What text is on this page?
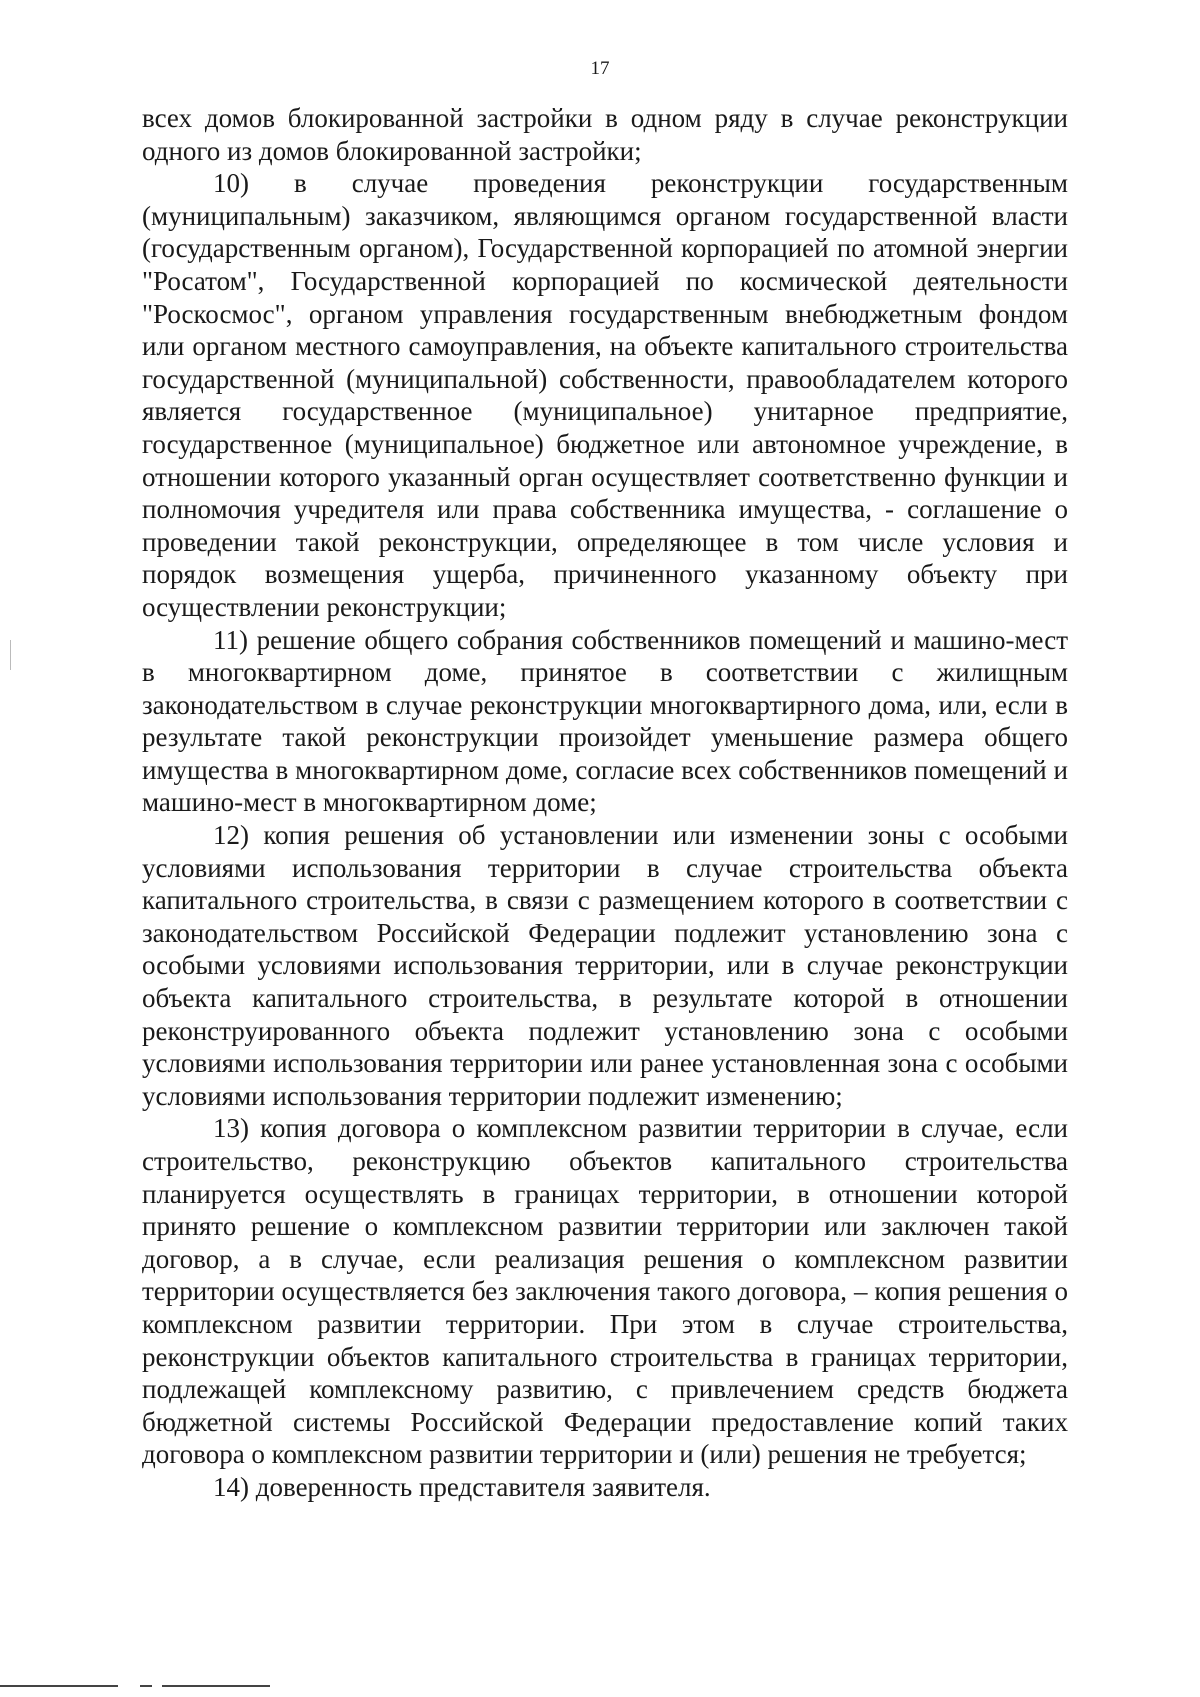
17

всех домов блокированной застройки в одном ряду в случае реконструкции одного из домов блокированной застройки;

10) в случае проведения реконструкции государственным (муниципальным) заказчиком, являющимся органом государственной власти (государственным органом), Государственной корпорацией по атомной энергии "Росатом", Государственной корпорацией по космической деятельности "Роскосмос", органом управления государственным внебюджетным фондом или органом местного самоуправления, на объекте капитального строительства государственной (муниципальной) собственности, правообладателем которого является государственное (муниципальное) унитарное предприятие, государственное (муниципальное) бюджетное или автономное учреждение, в отношении которого указанный орган осуществляет соответственно функции и полномочия учредителя или права собственника имущества, - соглашение о проведении такой реконструкции, определяющее в том числе условия и порядок возмещения ущерба, причиненного указанному объекту при осуществлении реконструкции;

11) решение общего собрания собственников помещений и машино-мест в многоквартирном доме, принятое в соответствии с жилищным законодательством в случае реконструкции многоквартирного дома, или, если в результате такой реконструкции произойдет уменьшение размера общего имущества в многоквартирном доме, согласие всех собственников помещений и машино-мест в многоквартирном доме;

12) копия решения об установлении или изменении зоны с особыми условиями использования территории в случае строительства объекта капитального строительства, в связи с размещением которого в соответствии с законодательством Российской Федерации подлежит установлению зона с особыми условиями использования территории, или в случае реконструкции объекта капитального строительства, в результате которой в отношении реконструированного объекта подлежит установлению зона с особыми условиями использования территории или ранее установленная зона с особыми условиями использования территории подлежит изменению;

13) копия договора о комплексном развитии территории в случае, если строительство, реконструкцию объектов капитального строительства планируется осуществлять в границах территории, в отношении которой принято решение о комплексном развитии территории или заключен такой договор, а в случае, если реализация решения о комплексном развитии территории осуществляется без заключения такого договора, – копия решения о комплексном развитии территории. При этом в случае строительства, реконструкции объектов капитального строительства в границах территории, подлежащей комплексному развитию, с привлечением средств бюджета бюджетной системы Российской Федерации предоставление копий таких договора о комплексном развитии территории и (или) решения не требуется;

14) доверенность представителя заявителя.
